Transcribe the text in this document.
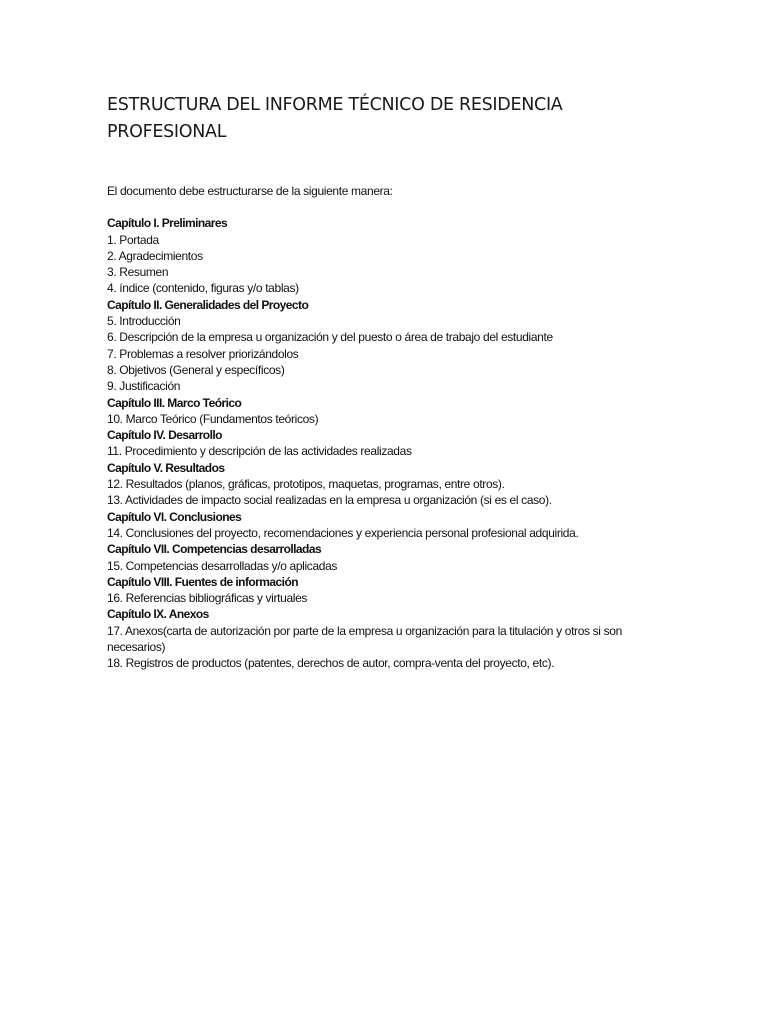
ESTRUCTURA DEL INFORME TÉCNICO DE RESIDENCIA
PROFESIONAL
El documento debe estructurarse de la siguiente manera:
Capítulo I. Preliminares
1. Portada
2. Agradecimientos
3. Resumen
4. índice (contenido, figuras y/o tablas)
Capítulo II. Generalidades del Proyecto
5. Introducción
6. Descripción de la empresa u organización y del puesto o área de trabajo del estudiante
7. Problemas a resolver priorizándolos
8. Objetivos (General y específicos)
9. Justificación
Capítulo III. Marco Teórico
10. Marco Teórico (Fundamentos teóricos)
Capítulo IV. Desarrollo
11. Procedimiento y descripción de las actividades realizadas
Capítulo V. Resultados
12. Resultados (planos, gráficas, prototipos, maquetas, programas, entre otros).
13. Actividades de impacto social realizadas en la empresa u organización (si es el caso).
Capítulo VI. Conclusiones
14. Conclusiones del proyecto, recomendaciones y experiencia personal profesional adquirida.
Capítulo VII. Competencias desarrolladas
15. Competencias desarrolladas y/o aplicadas
Capítulo VIII. Fuentes de información
16. Referencias bibliográficas y virtuales
Capítulo IX. Anexos
17. Anexos(carta de autorización por parte de la empresa u organización para la titulación y otros si son necesarios)
18. Registros de productos (patentes, derechos de autor, compra-venta del proyecto, etc).
